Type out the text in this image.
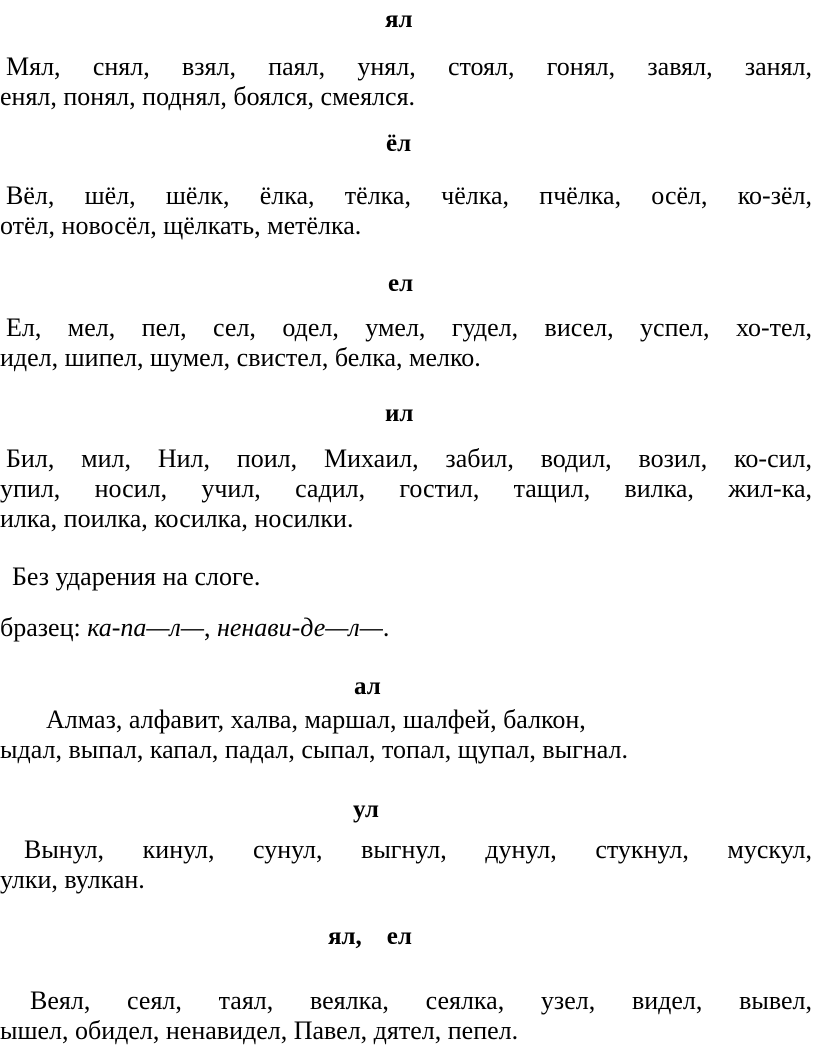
ял
Мял, снял, взял, паял, унял, стоял, гонял, завял, занял,
енял, понял, поднял, боялся, смеялся.
ёл
Вёл, шёл, шёлк, ёлка, тёлка, чёлка, пчёлка, осёл, ко-зёл,
отёл, новосёл, щёлкать, метёлка.
ел
Ел, мел, пел, сел, одел, умел, гудел, висел, успел, хо-тел,
идел, шипел, шумел, свистел, белка, мелко.
ил
Бил, мил, Нил, поил, Михаил, забил, водил, возил, ко-сил,
упил, носил, учил, садил, гостил, тащил, вилка, жил-ка,
илка, поилка, косилка, носилки.
Без ударения на слоге.
бразец: ка-па—л—, ненави-де—л—.
ал
Алмаз, алфавит, халва, маршал, шалфей, балкон,
ыдал, выпал, капал, падал, сыпал, топал, щупал, выгнал.
ул
Вынул, кинул, сунул, выгнул, дунул, стукнул, мускул,
улки, вулкан.
ял,    ел
Веял, сеял, таял, веялка, сеялка, узел, видел, вывел,
ышел, обидел, ненавидел, Павел, дятел, пепел.
